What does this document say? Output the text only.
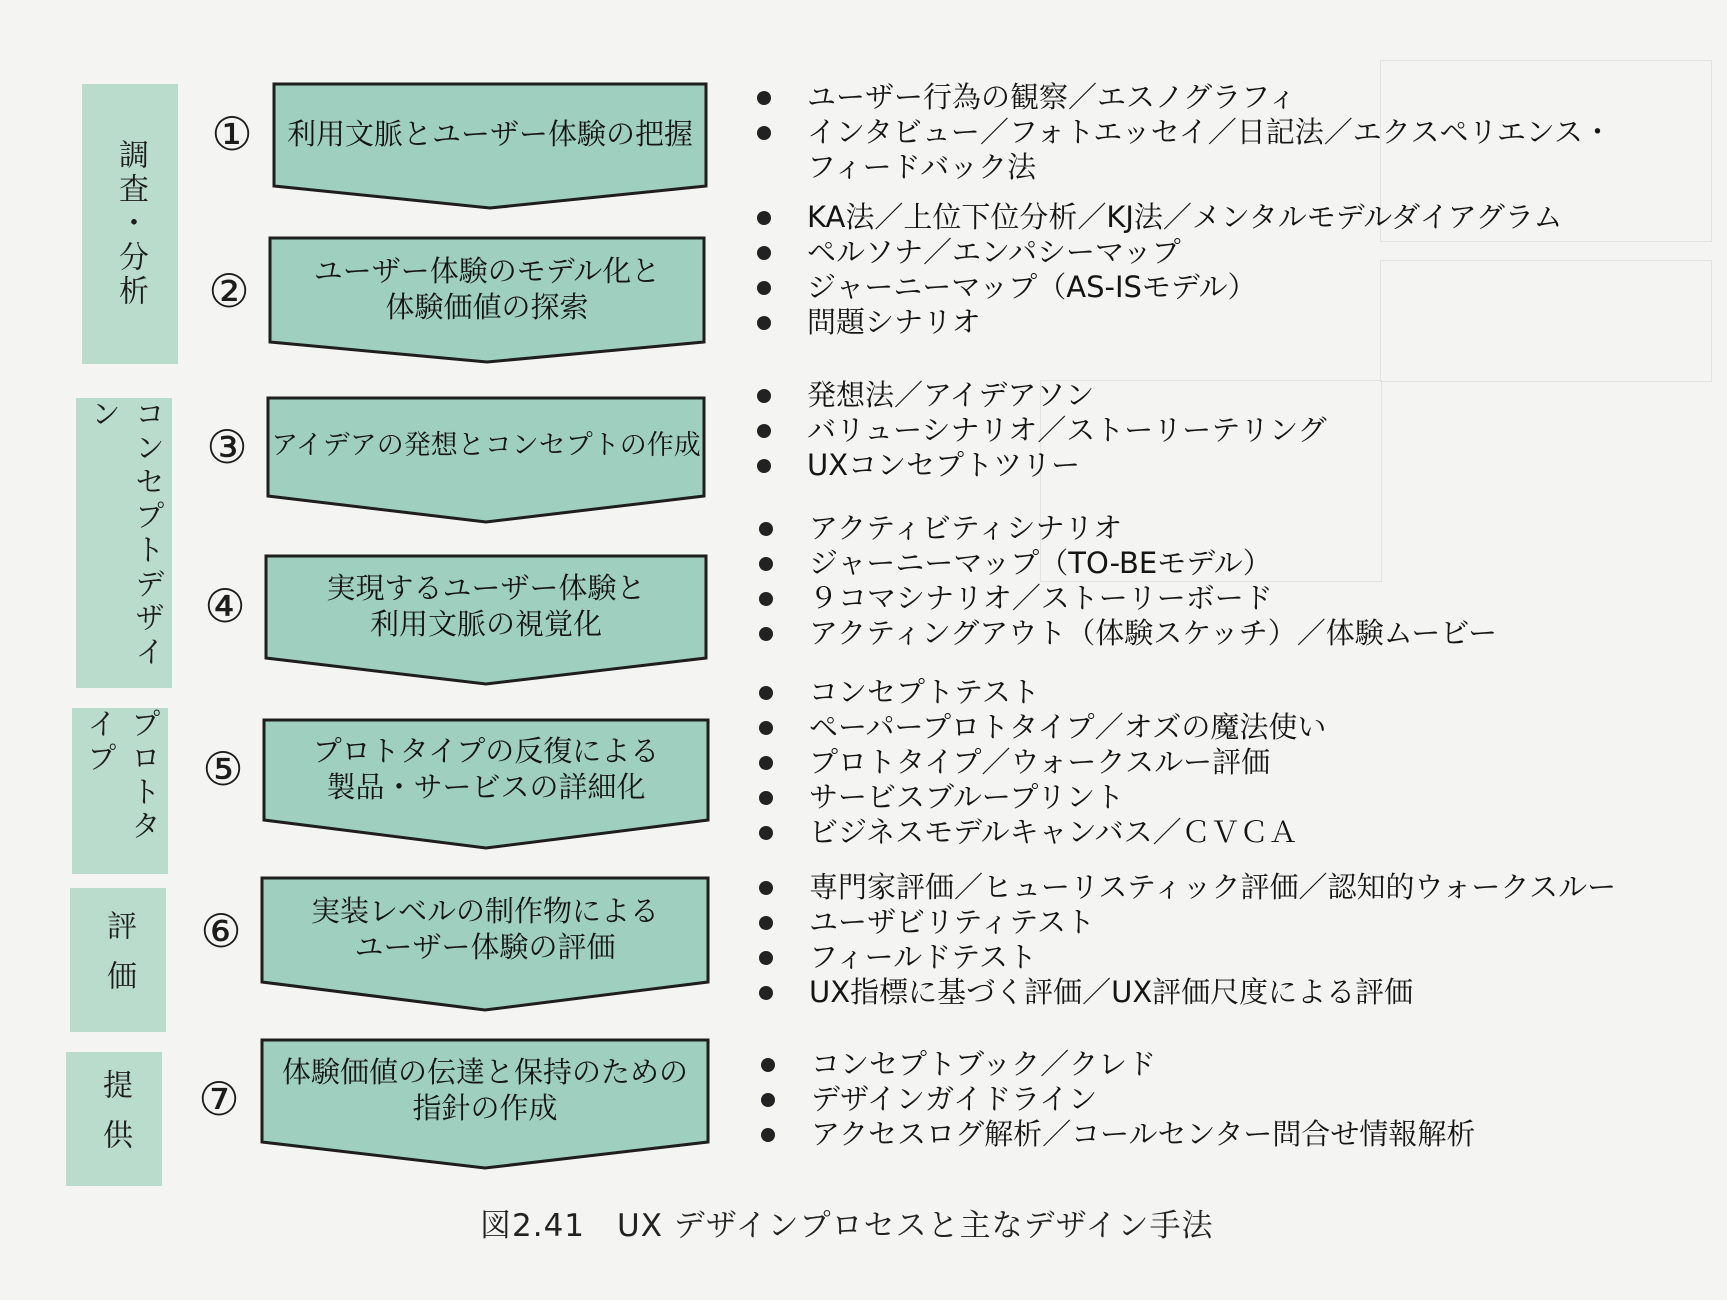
調査・分析
コンセプトデザイン
プロトタイプ
評価
提供
①
②
③
④
⑤
⑥
⑦
利用文脈とユーザー体験の把握
ユーザー体験のモデル化と
体験価値の探索
アイデアの発想とコンセプトの作成
実現するユーザー体験と
利用文脈の視覚化
プロトタイプの反復による
製品・サービスの詳細化
実装レベルの制作物による
ユーザー体験の評価
体験価値の伝達と保持のための
指針の作成
ユーザー行為の観察／エスノグラフィ
インタビュー／フォトエッセイ／日記法／エクスペリエンス・
フィードバック法
KA法／上位下位分析／KJ法／メンタルモデルダイアグラム
ペルソナ／エンパシーマップ
ジャーニーマップ（AS-ISモデル）
問題シナリオ
発想法／アイデアソン
バリューシナリオ／ストーリーテリング
UXコンセプトツリー
アクティビティシナリオ
ジャーニーマップ（TO-BEモデル）
９コマシナリオ／ストーリーボード
アクティングアウト（体験スケッチ）／体験ムービー
コンセプトテスト
ペーパープロトタイプ／オズの魔法使い
プロトタイプ／ウォークスルー評価
サービスブループリント
ビジネスモデルキャンバス／ＣＶＣＡ
専門家評価／ヒューリスティック評価／認知的ウォークスルー
ユーザビリティテスト
フィールドテスト
UX指標に基づく評価／UX評価尺度による評価
コンセプトブック／クレド
デザインガイドライン
アクセスログ解析／コールセンター問合せ情報解析
図2.41　UX デザインプロセスと主なデザイン手法
